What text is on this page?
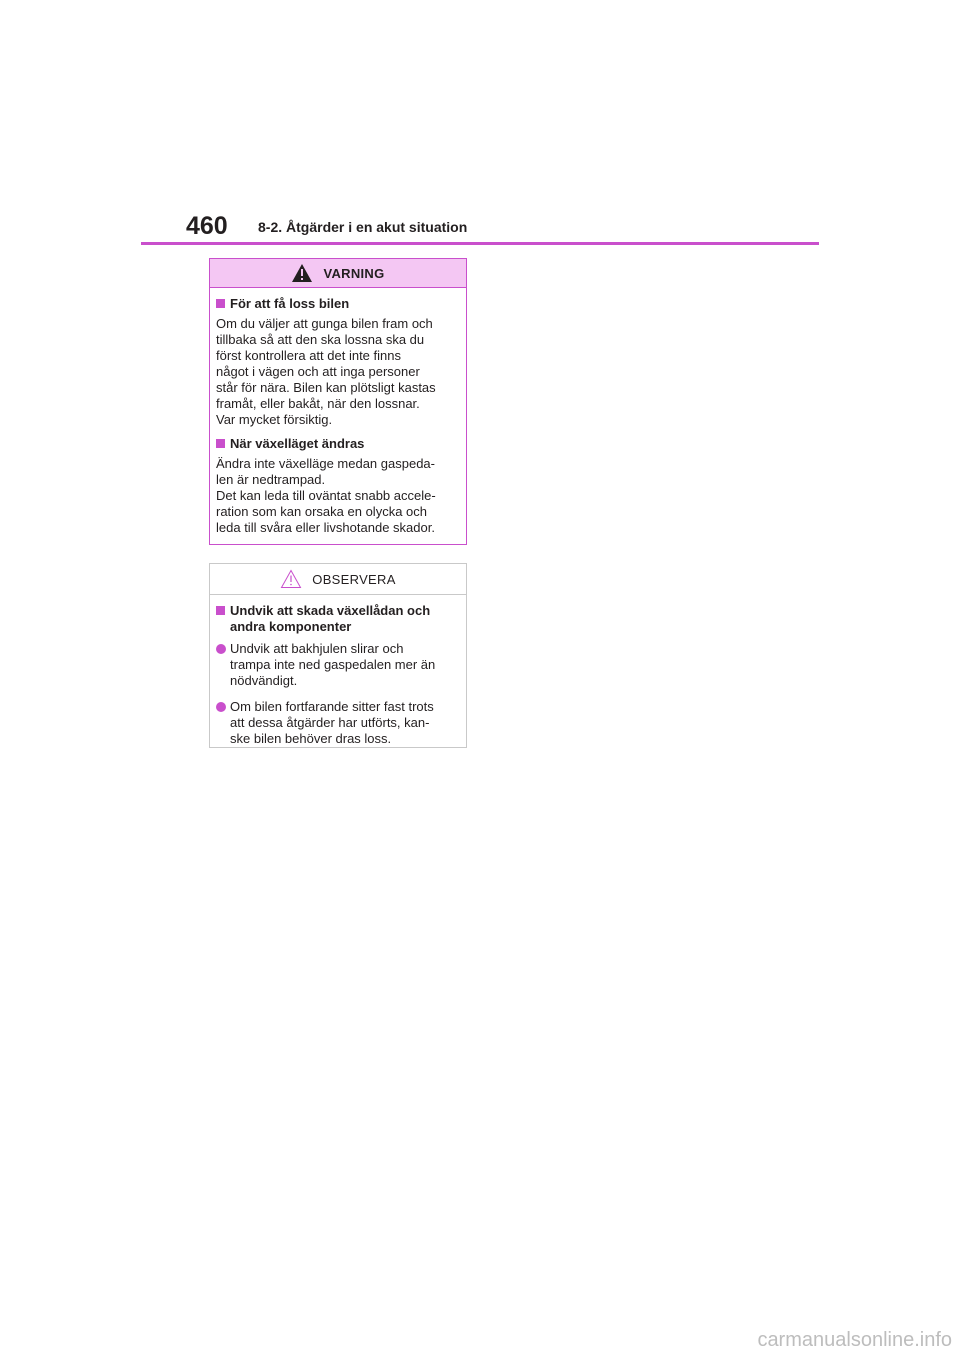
460 8-2. Åtgärder i en akut situation
VARNING
För att få loss bilen
Om du väljer att gunga bilen fram och
tillbaka så att den ska lossna ska du
först kontrollera att det inte finns
något i vägen och att inga personer
står för nära. Bilen kan plötsligt kastas
framåt, eller bakåt, när den lossnar.
Var mycket försiktig.
När växelläget ändras
Ändra inte växelläge medan gaspeda-
len är nedtrampad.
Det kan leda till oväntat snabb accele-
ration som kan orsaka en olycka och
leda till svåra eller livshotande skador.
OBSERVERA
Undvik att skada växellådan och
andra komponenter
Undvik att bakhjulen slirar och
trampa inte ned gaspedalen mer än
nödvändigt.
Om bilen fortfarande sitter fast trots
att dessa åtgärder har utförts, kan-
ske bilen behöver dras loss.
carmanualsonline.info
